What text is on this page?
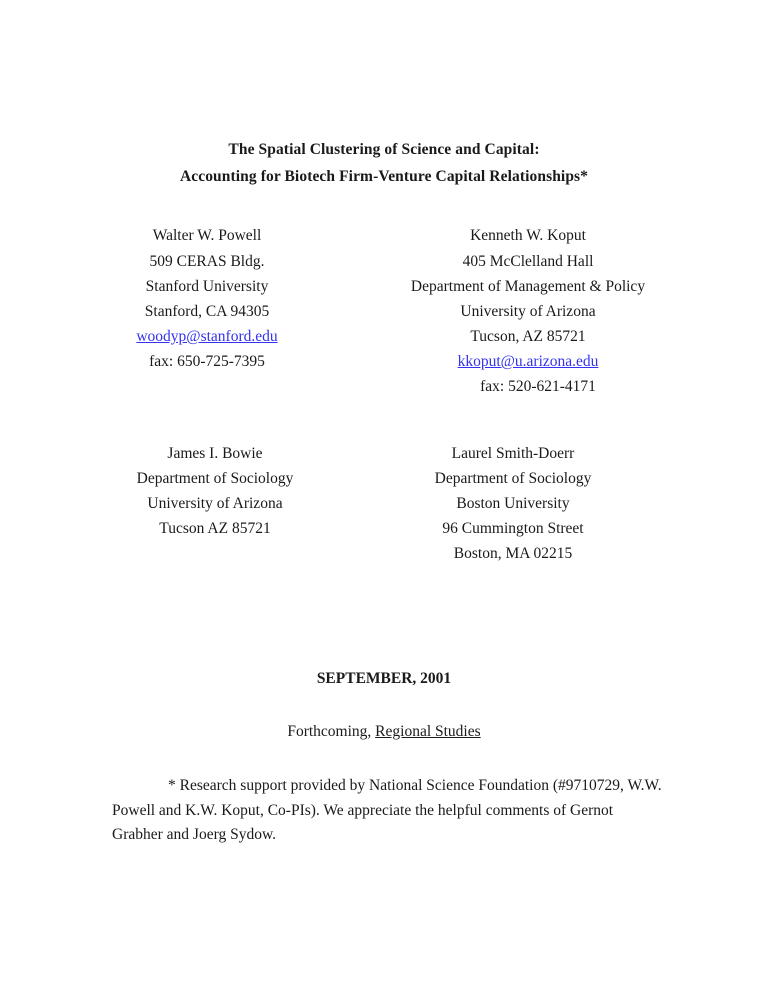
The Spatial Clustering of Science and Capital:
Accounting for Biotech Firm-Venture Capital Relationships*
Walter W. Powell
509 CERAS Bldg.
Stanford University
Stanford, CA 94305
woodyp@stanford.edu
fax: 650-725-7395
Kenneth W. Koput
405 McClelland Hall
Department of Management & Policy
University of Arizona
Tucson, AZ 85721
kkoput@u.arizona.edu
fax: 520-621-4171
James I. Bowie
Department of Sociology
University of Arizona
Tucson AZ 85721
Laurel Smith-Doerr
Department of Sociology
Boston University
96 Cummington Street
Boston, MA 02215
SEPTEMBER, 2001
Forthcoming, Regional Studies
* Research support provided by National Science Foundation (#9710729, W.W.
Powell and K.W. Koput, Co-PIs). We appreciate the helpful comments of Gernot
Grabher and Joerg Sydow.
